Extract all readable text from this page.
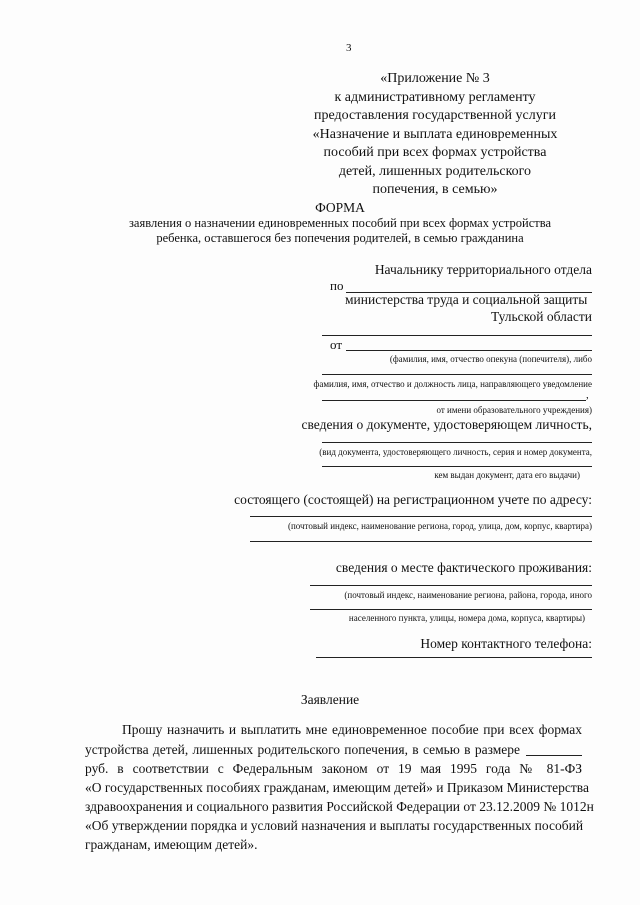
3
«Приложение № 3
к административному регламенту
предоставления государственной услуги
«Назначение и выплата единовременных
пособий при всех формах устройства
детей, лишенных родительского
попечения, в семью»
ФОРМА
заявления о назначении единовременных пособий при всех формах устройства
ребенка, оставшегося без попечения родителей, в семью гражданина
Начальнику территориального отдела
по
министерства труда и социальной защиты
Тульской области
от
(фамилия, имя, отчество опекуна (попечителя), либо
фамилия, имя, отчество и должность лица, направляющего уведомление
,
от имени образовательного учреждения)
сведения о документе, удостоверяющем личность,
(вид документа, удостоверяющего личность, серия и номер документа,
кем выдан документ, дата его выдачи)
состоящего (состоящей) на регистрационном учете по адресу:
(почтовый индекс, наименование региона, город, улица, дом, корпус, квартира)
сведения о месте фактического проживания:
(почтовый индекс, наименование региона, района, города, иного
населенного пункта, улицы, номера дома, корпуса, квартиры)
Номер контактного телефона:
Заявление
Прошу назначить и выплатить мне единовременное пособие при всех формах
устройства детей, лишенных родительского попечения, в семью в размере
руб. в соответствии с Федеральным законом от 19 мая 1995 года № 81-ФЗ
«О государственных пособиях гражданам, имеющим детей» и Приказом Министерства
здравоохранения и социального развития Российской Федерации от 23.12.2009 № 1012н
«Об утверждении порядка и условий назначения и выплаты государственных пособий
гражданам, имеющим детей».
